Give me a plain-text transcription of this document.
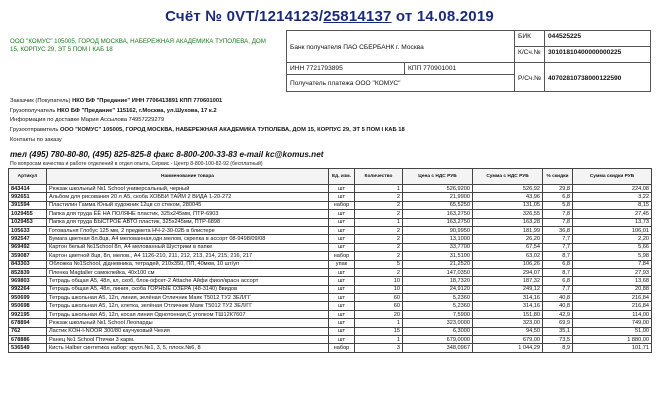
Счёт № 0VT/1214123/25814137 от 14.08.2019
ООО "КОМУС" 105005, ГОРОД МОСКВА, НАБЕРЕЖНАЯ АКАДЕМИКА ТУПОЛЕВА, ДОМ 15, КОРПУС 29, ЭТ 5 ПОМ I КАБ 18	Банк получателя ПАО СБЕРБАНК г. Москва
БИК	044525225
К/Сч.№	30101810400000000225
ИНН 7721793895	КПП 770901001
Получатель платежа ООО "КОМУС"
Р/Сч.№	40702810738000122590
Заказчик (Покупатель) НКО БФ "Предание" ИНН 7706413891 КПП 770601001
Грузополучатель НКО БФ "Предание" 115162, г.Москва, ул.Шухова, 17 к.2
Информация по доставке Мария Ассылова 74957229279
Грузоотправитель ООО "КОМУС" 105005, ГОРОД МОСКВА, НАБЕРЕЖНАЯ АКАДЕМИКА ТУПОЛЕВА, ДОМ 15, КОРПУС 29, ЭТ 5 ПОМ I КАБ 18
Контакты по заказу
тел (495) 780-80-80, (495) 825-825-8 факс 8-800-200-33-83 e-mail kc@komus.net
По вопросам качества и работе отделений в отдел опыта, Сервис - Центр 8-800-100-82-92 (бесплатный)
Артикул	Наименование товара	Ед. изм.	Количество	Цена с НДС РУБ	Сумма с НДС РУБ	% скидки	Сумма скидки РУБ
843414	Рюкзак школьный №1 School универсальный, черный	шт	1	526,9200	526,92	29,8	224,08
992651	Альбом для рисования 20 л А5, скоба ХОББИ ТАЙМ 2 ВИДА 1-20-272	шт	2	21,9900	43,96	6,8	3,22
391594	Пластилин Гамма Юный художник 12цв со стеком, 280045	набор	2	65,5250	131,05	5,8	8,15
1029455	Папка для труда ЁЁ НА ПОЛЯНЕ пластик, 325х245мм, ПТР-6903	шт	2	163,2750	326,55	7,8	27,45
1029453	Папка для труда БЫСТРОЕ АВТО пластик, 325х245мм, ПТР-6898	шт	1	163,2750	163,28	7,8	13,73
105633	Готовальня Глобус 125 мм, 2 предмета НЧ-2-30-02Б в блистере	шт	2	90,9950	181,99	36,8	106,01
992547	Бумага цветная 8л.8цв, А4 мелованная,одн.мелом, скрепка в ассорт 08-9498/09/08	шт	2	13,1000	26,20	7,7	2,20
969492	Картон белый №1School 8л, А4 мелованный Шустрики в папке	шт	2	33,7700	67,54	7,7	5,66
359087	Картон цветной 8цв, 8л, мелов., А4 1126-210, 211, 212, 213, 214, 215, 216, 217	набор	2	31,5100	63,02	8,7	5,98
843303	Обложка №1School, дідневника, тетрадей, 210х350, ПП, 40мкм, 10 шт/уп	упак	5	21,2520	106,26	6,8	7,84
852839	Пленка Magtaller самоклейка, 40х100 см	шт	2	147,0350	294,07	8,7	27,93
969803	Тетрадь общая А5, 48л, кл, скоб, блок-офсет-2 Attache Айфи фиол/красн ассорт	шт	10	18,7320	187,32	6,8	13,68
992264	Тетрадь общая А5, 48л, линия, скоба ГОРНЫЕ ОЗЁРА (48-3140) 8видов	шт	10	24,9120	249,12	7,7	20,88
950699	Тетрадь школьная А5, 12л, линия, зелёная Отличник Маяк Т5012 ТУ2 ЗЕЛ/ГГ	шт	60	5,2360	314,16	40,8	216,84
950698	Тетрадь школьная А5, 12л, клетка, зелёная Отличник Маяк Т5012 ТУ2 ЗЕЛ/ГГ	шт	60	5,2360	314,16	40,8	216,84
992195	Тетрадь школьная А5, 12л, косая линия Однотонная,С уголком ТШ12К7607	шт	20	7,5900	151,80	42,9	114,00
678894	Рюкзак школьный №1 School Леопарды	шт	1	323,0000	323,00	69,9	749,00
762	Ластик KOH-I-NOOR 300/80 каучуковый Чехия	шт	15	6,3000	94,50	35,1	51,00
678886	Ранец №1 School Птички 3 карм.	шт	1	679,0000	679,00	73,5	1 880,00
536549	Кисть Halber синтетика набор: кругл.№1, 3, 5, плоск.№6, 8	набор	3	348,0967	1 044,29	8,9	101,71
